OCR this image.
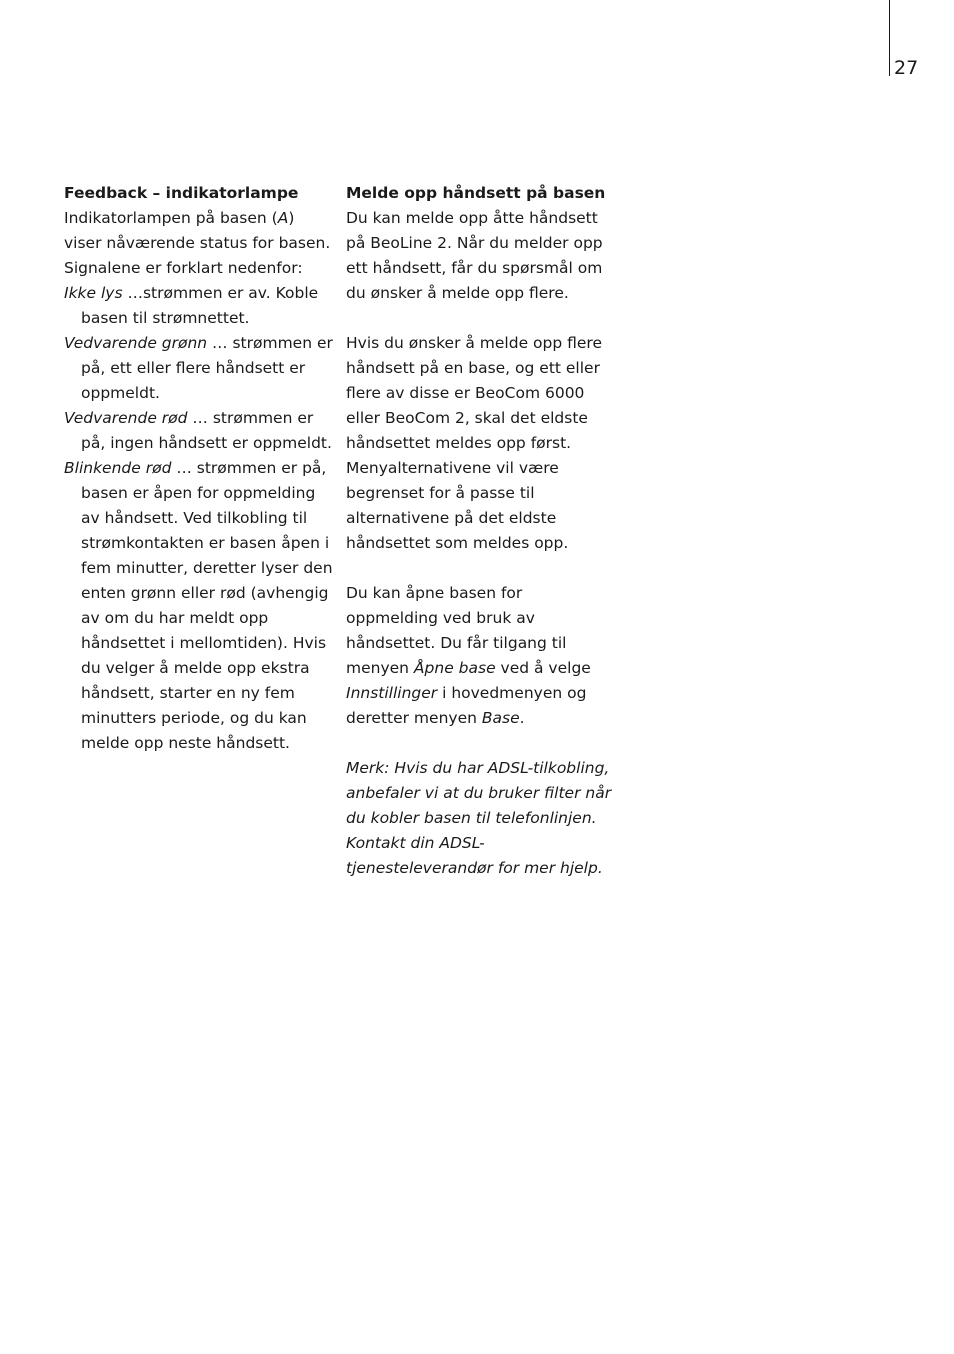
27

Feedback – indikatorlampe

Indikatorlampen på basen (A) viser nåværende status for basen. Signalene er forklart nedenfor:

Ikke lys …strømmen er av. Koble basen til strømnettet.

Vedvarende grønn … strømmen er på, ett eller flere håndsett er oppmeldt.

Vedvarende rød … strømmen er på, ingen håndsett er oppmeldt.

Blinkende rød … strømmen er på, basen er åpen for oppmelding av håndsett. Ved tilkobling til strømkontakten er basen åpen i fem minutter, deretter lyser den enten grønn eller rød (avhengig av om du har meldt opp håndsettet i mellomtiden). Hvis du velger å melde opp ekstra håndsett, starter en ny fem minutters periode, og du kan melde opp neste håndsett.

Melde opp håndsett på basen

Du kan melde opp åtte håndsett på BeoLine 2. Når du melder opp ett håndsett, får du spørsmål om du ønsker å melde opp flere.

Hvis du ønsker å melde opp flere håndsett på en base, og ett eller flere av disse er BeoCom 6000 eller BeoCom 2, skal det eldste håndsettet meldes opp først. Menyalternativene vil være begrenset for å passe til alternativene på det eldste håndsettet som meldes opp.

Du kan åpne basen for oppmelding ved bruk av håndsettet. Du får tilgang til menyen Åpne base ved å velge Innstillinger i hovedmenyen og deretter menyen Base.

Merk: Hvis du har ADSL-tilkobling, anbefaler vi at du bruker filter når du kobler basen til telefonlinjen. Kontakt din ADSL-tjenesteleverandør for mer hjelp.
